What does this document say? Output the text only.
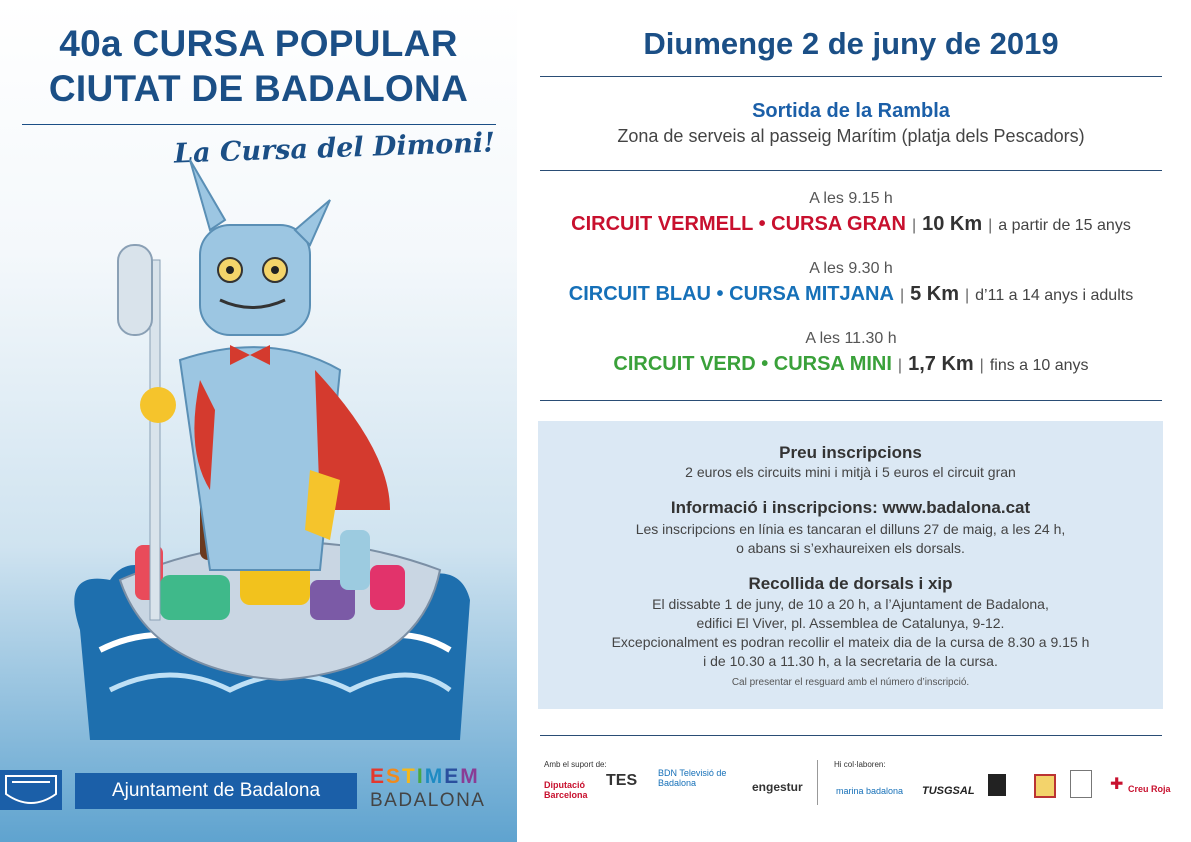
40a CURSA POPULAR
CIUTAT DE BADALONA
La Cursa del Dimoni!
Ajuntament de Badalona
ESTIMEM
BADALONA
Diumenge 2 de juny de 2019
Sortida de la Rambla
Zona de serveis al passeig Marítim (platja dels Pescadors)
A les 9.15 h
CIRCUIT VERMELL • CURSA GRAN | 10 Km | a partir de 15 anys
A les 9.30 h
CIRCUIT BLAU • CURSA MITJANA | 5 Km | d’11 a 14 anys i adults
A les 11.30 h
CIRCUIT VERD • CURSA MINI | 1,7 Km | fins a 10 anys
Preu inscripcions
2 euros els circuits mini i mitjà i 5 euros el circuit gran
Informació i inscripcions: www.badalona.cat
Les inscripcions en línia es tancaran el dilluns 27 de maig, a les 24 h,
o abans si s’exhaureixen els dorsals.
Recollida de dorsals i xip
El dissabte 1 de juny, de 10 a 20 h, a l’Ajuntament de Badalona,
edifici El Viver, pl. Assemblea de Catalunya, 9-12.
Excepcionalment es podran recollir el mateix dia de la cursa de 8.30 a 9.15 h
i de 10.30 a 11.30 h, a la secretaria de la cursa.
Cal presentar el resguard amb el número d’inscripció.
Amb el suport de:
Diputació Barcelona
TES BDN Televisió de Badalona	engestur
Hi col·laboren:
marina badalona TUSGSAL	✚ Creu Roja
